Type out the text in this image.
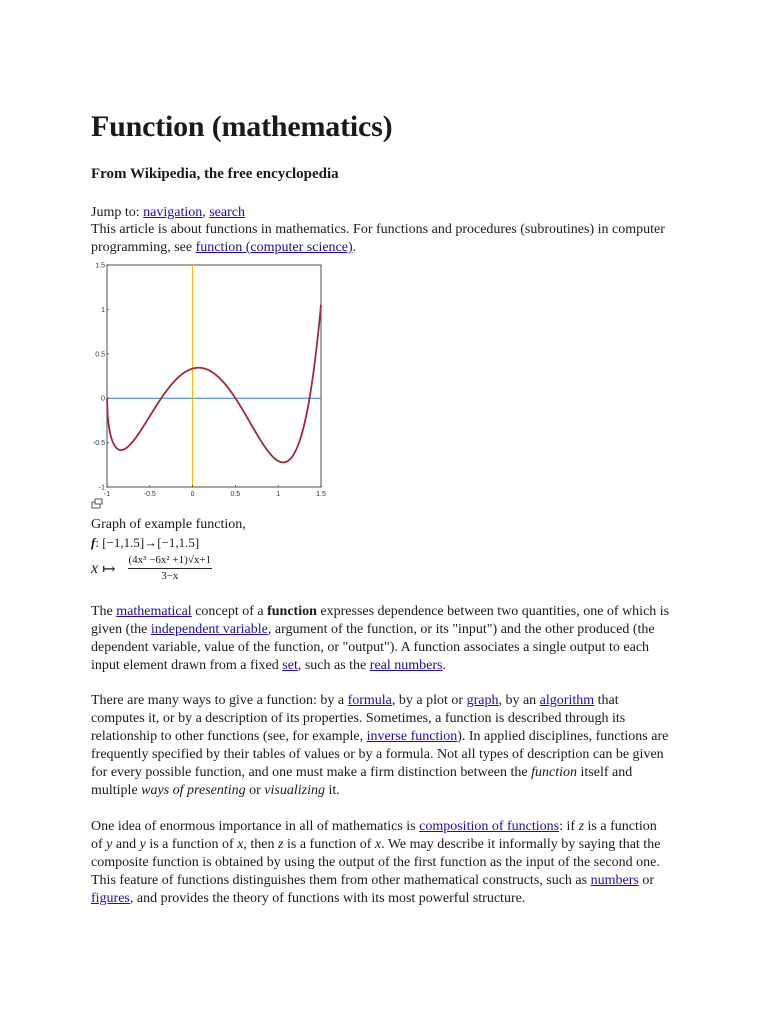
Function (mathematics)
From Wikipedia, the free encyclopedia
Jump to: navigation, search
This article is about functions in mathematics. For functions and procedures (subroutines) in computer programming, see function (computer science).
-1	-0.5	0	0.5	1	1.5
1.5
1
0.5
0
-0.5
-1
Graph of example function,
f: [−1,1.5]→[−1,1.5]
x ↦ $\frac{\text{(4x³ −6x² +1)√x+1}}{3-x}$

The mathematical concept of a function expresses dependence between two quantities, one of which is given (the independent variable, argument of the function, or its "input") and the other produced (the dependent variable, value of the function, or "output"). A function associates a single output to each input element drawn from a fixed set, such as the real numbers.

There are many ways to give a function: by a formula, by a plot or graph, by an algorithm that computes it, or by a description of its properties. Sometimes, a function is described through its relationship to other functions (see, for example, inverse function). In applied disciplines, functions are frequently specified by their tables of values or by a formula. Not all types of description can be given for every possible function, and one must make a firm distinction between the function itself and multiple ways of presenting or visualizing it.

One idea of enormous importance in all of mathematics is composition of functions: if z is a function of y and y is a function of x, then z is a function of x. We may describe it informally by saying that the composite function is obtained by using the output of the first function as the input of the second one. This feature of functions distinguishes them from other mathematical constructs, such as numbers or figures, and provides the theory of functions with its most powerful structure.
